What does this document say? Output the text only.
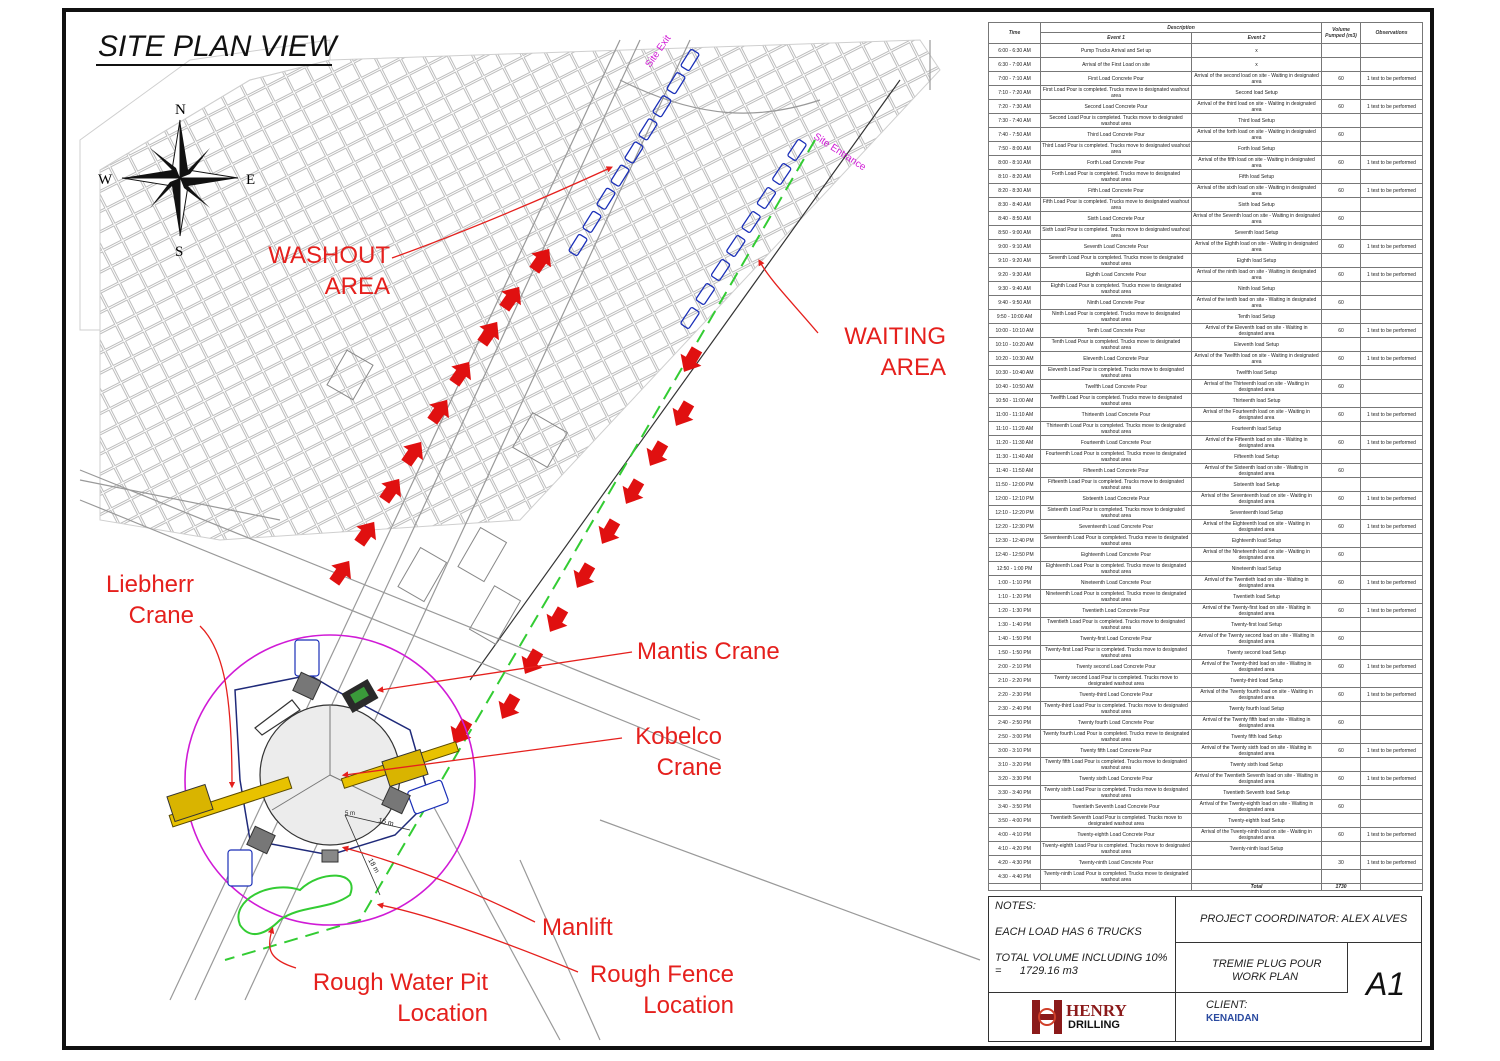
N
S
E
W
Site Exit
Site Entrance
15 m
18 m
5 m
SITE PLAN VIEW
WASHOUT
AREA
WAITING
AREA
Liebherr
Crane
Mantis Crane
Kobelco
Crane
Manlift
Rough Water Pit
Location
Rough Fence
Location
Time	Description		Volume Pumped (m3)	Observations
	Event 1	Event 2		
6:00 - 6:30 AM	Pump Trucks Arrival and Set up	x		
6:30 - 7:00 AM	Arrival of the First Load on site	x		
7:00 - 7:10 AM	First Load Concrete Pour	Arrival of the second load on site - Waiting in designated area	60	1 test to be performed
7:10 - 7:20 AM	First Load Pour is completed. Trucks move to designated washout area	Second load Setup		
7:20 - 7:30 AM	Second Load Concrete Pour	Arrival of the third load on site - Waiting in designated area	60	1 test to be performed
7:30 - 7:40 AM	Second Load Pour is completed. Trucks move to designated washout area	Third load Setup		
7:40 - 7:50 AM	Third Load Concrete Pour	Arrival of the forth load on site - Waiting in designated area	60	
7:50 - 8:00 AM	Third Load Pour is completed. Trucks move to designated washout area	Forth load Setup		
8:00 - 8:10 AM	Forth Load Concrete Pour	Arrival of the fifth load on site - Waiting in designated area	60	1 test to be performed
8:10 - 8:20 AM	Forth Load Pour is completed. Trucks move to designated washout area	Fifth load Setup		
8:20 - 8:30 AM	Fifth Load Concrete Pour	Arrival of the sixth load on site - Waiting in designated area	60	1 test to be performed
8:30 - 8:40 AM	Fifth Load Pour is completed. Trucks move to designated washout area	Sixth load Setup		
8:40 - 8:50 AM	Sixth Load Concrete Pour	Arrival of the Seventh load on site - Waiting in designated area	60	
8:50 - 9:00 AM	Sixth Load Pour is completed. Trucks move to designated washout area	Seventh load Setup		
9:00 - 9:10 AM	Seventh Load Concrete Pour	Arrival of the Eighth load on site - Waiting in designated area	60	1 test to be performed
9:10 - 9:20 AM	Seventh Load Pour is completed. Trucks move to designated washout area	Eighth load Setup		
9:20 - 9:30 AM	Eighth Load Concrete Pour	Arrival of the ninth load on site - Waiting in designated area	60	1 test to be performed
9:30 - 9:40 AM	Eighth Load Pour is completed. Trucks move to designated washout area	Ninth load Setup		
9:40 - 9:50 AM	Ninth Load Concrete Pour	Arrival of the tenth load on site - Waiting in designated area	60	
9:50 - 10:00 AM	Ninth Load Pour is completed. Trucks move to designated washout area	Tenth load Setup		
10:00 - 10:10 AM	Tenth Load Concrete Pour	Arrival of the Eleventh load on site - Waiting in designated area	60	1 test to be performed
10:10 - 10:20 AM	Tenth Load Pour is completed. Trucks move to designated washout area	Eleventh load Setup		
10:20 - 10:30 AM	Eleventh Load Concrete Pour	Arrival of the Twelfth load on site - Waiting in designated area	60	1 test to be performed
10:30 - 10:40 AM	Eleventh Load Pour is completed. Trucks move to designated washout area	Twelfth load Setup		
10:40 - 10:50 AM	Twelfth Load Concrete Pour	Arrival of the Thirteenth load on site - Waiting in designated area	60	
10:50 - 11:00 AM	Twelfth Load Pour is completed. Trucks move to designated washout area	Thirteenth load Setup		
11:00 - 11:10 AM	Thirteenth Load Concrete Pour	Arrival of the Fourteenth load on site - Waiting in designated area	60	1 test to be performed
11:10 - 11:20 AM	Thirteenth Load Pour is completed. Trucks move to designated washout area	Fourteenth load Setup		
11:20 - 11:30 AM	Fourteenth Load Concrete Pour	Arrival of the Fifteenth load on site - Waiting in designated area	60	1 test to be performed
11:30 - 11:40 AM	Fourteenth Load Pour is completed. Trucks move to designated washout area	Fifteenth load Setup		
11:40 - 11:50 AM	Fifteenth Load Concrete Pour	Arrival of the Sixteenth load on site - Waiting in designated area	60	
11:50 - 12:00 PM	Fifteenth Load Pour is completed. Trucks move to designated washout area	Sixteenth load Setup		
12:00 - 12:10 PM	Sixteenth Load Concrete Pour	Arrival of the Seventeenth load on site - Waiting in designated area	60	1 test to be performed
12:10 - 12:20 PM	Sixteenth Load Pour is completed. Trucks move to designated washout area	Seventeenth load Setup		
12:20 - 12:30 PM	Seventeenth Load Concrete Pour	Arrival of the Eighteenth load on site - Waiting in designated area	60	1 test to be performed
12:30 - 12:40 PM	Seventeenth Load Pour is completed. Trucks move to designated washout area	Eighteenth load Setup		
12:40 - 12:50 PM	Eighteenth Load Concrete Pour	Arrival of the Nineteenth load on site - Waiting in designated area	60	
12:50 - 1:00 PM	Eighteenth Load Pour is completed. Trucks move to designated washout area	Nineteenth load Setup		
1:00 - 1:10 PM	Nineteenth Load Concrete Pour	Arrival of the Twentieth load on site - Waiting in designated area	60	1 test to be performed
1:10 - 1:20 PM	Nineteenth Load Pour is completed. Trucks move to designated washout area	Twentieth load Setup		
1:20 - 1:30 PM	Twentieth Load Concrete Pour	Arrival of the Twenty-first load on site - Waiting in designated area	60	1 test to be performed
1:30 - 1:40 PM	Twentieth Load Pour is completed. Trucks move to designated washout area	Twenty-first load Setup		
1:40 - 1:50 PM	Twenty-first Load Concrete Pour	Arrival of the Twenty second load on site - Waiting in designated area	60	
1:50 - 1:50 PM	Twenty-first Load Pour is completed. Trucks move to designated washout area	Twenty second load Setup		
2:00 - 2:10 PM	Twenty second Load Concrete Pour	Arrival of the Twenty-third load on site - Waiting in designated area	60	1 test to be performed
2:10 - 2:20 PM	Twenty second Load Pour is completed. Trucks move to designated washout area	Twenty-third load Setup		
2:20 - 2:30 PM	Twenty-third Load Concrete Pour	Arrival of the Twenty fourth load on site - Waiting in designated area	60	1 test to be performed
2:30 - 2:40 PM	Twenty-third Load Pour is completed. Trucks move to designated washout area	Twenty fourth load Setup		
2:40 - 2:50 PM	Twenty fourth Load Concrete Pour	Arrival of the Twenty fifth load on site - Waiting in designated area	60	
2:50 - 3:00 PM	Twenty fourth Load Pour is completed. Trucks move to designated washout area	Twenty fifth load Setup		
3:00 - 3:10 PM	Twenty fifth Load Concrete Pour	Arrival of the Twenty sixth load on site - Waiting in designated area	60	1 test to be performed
3:10 - 3:20 PM	Twenty fifth Load Pour is completed. Trucks move to designated washout area	Twenty sixth load Setup		
3:20 - 3:30 PM	Twenty sixth Load Concrete Pour	Arrival of the Twentieth Seventh load on site - Waiting in designated area	60	1 test to be performed
3:30 - 3:40 PM	Twenty sixth Load Pour is completed. Trucks move to designated washout area	Twentieth Seventh load Setup		
3:40 - 3:50 PM	Twentieth Seventh Load Concrete Pour	Arrival of the Twenty-eighth load on site - Waiting in designated area	60	
3:50 - 4:00 PM	Twentieth Seventh Load Pour is completed. Trucks move to designated washout area	Twenty-eighth load Setup		
4:00 - 4:10 PM	Twenty-eighth Load Concrete Pour	Arrival of the Twenty-ninth load on site - Waiting in designated area	60	1 test to be performed
4:10 - 4:20 PM	Twenty-eighth Load Pour is completed. Trucks move to designated washout area	Twenty-ninth load Setup		
4:20 - 4:30 PM	Twenty-ninth Load Concrete Pour		30	1 test to be performed
4:30 - 4:40 PM	Twenty-ninth Load Pour is completed. Trucks move to designated washout area			
		Total	1730	
NOTES:
EACH LOAD HAS 6 TRUCKS
TOTAL VOLUME INCLUDING 10%
=      1729.16 m3
PROJECT COORDINATOR: ALEX ALVES
TREMIE PLUG POUR
WORK PLAN A1
HENRY
DRILLING
CLIENT:
KENAIDAN
